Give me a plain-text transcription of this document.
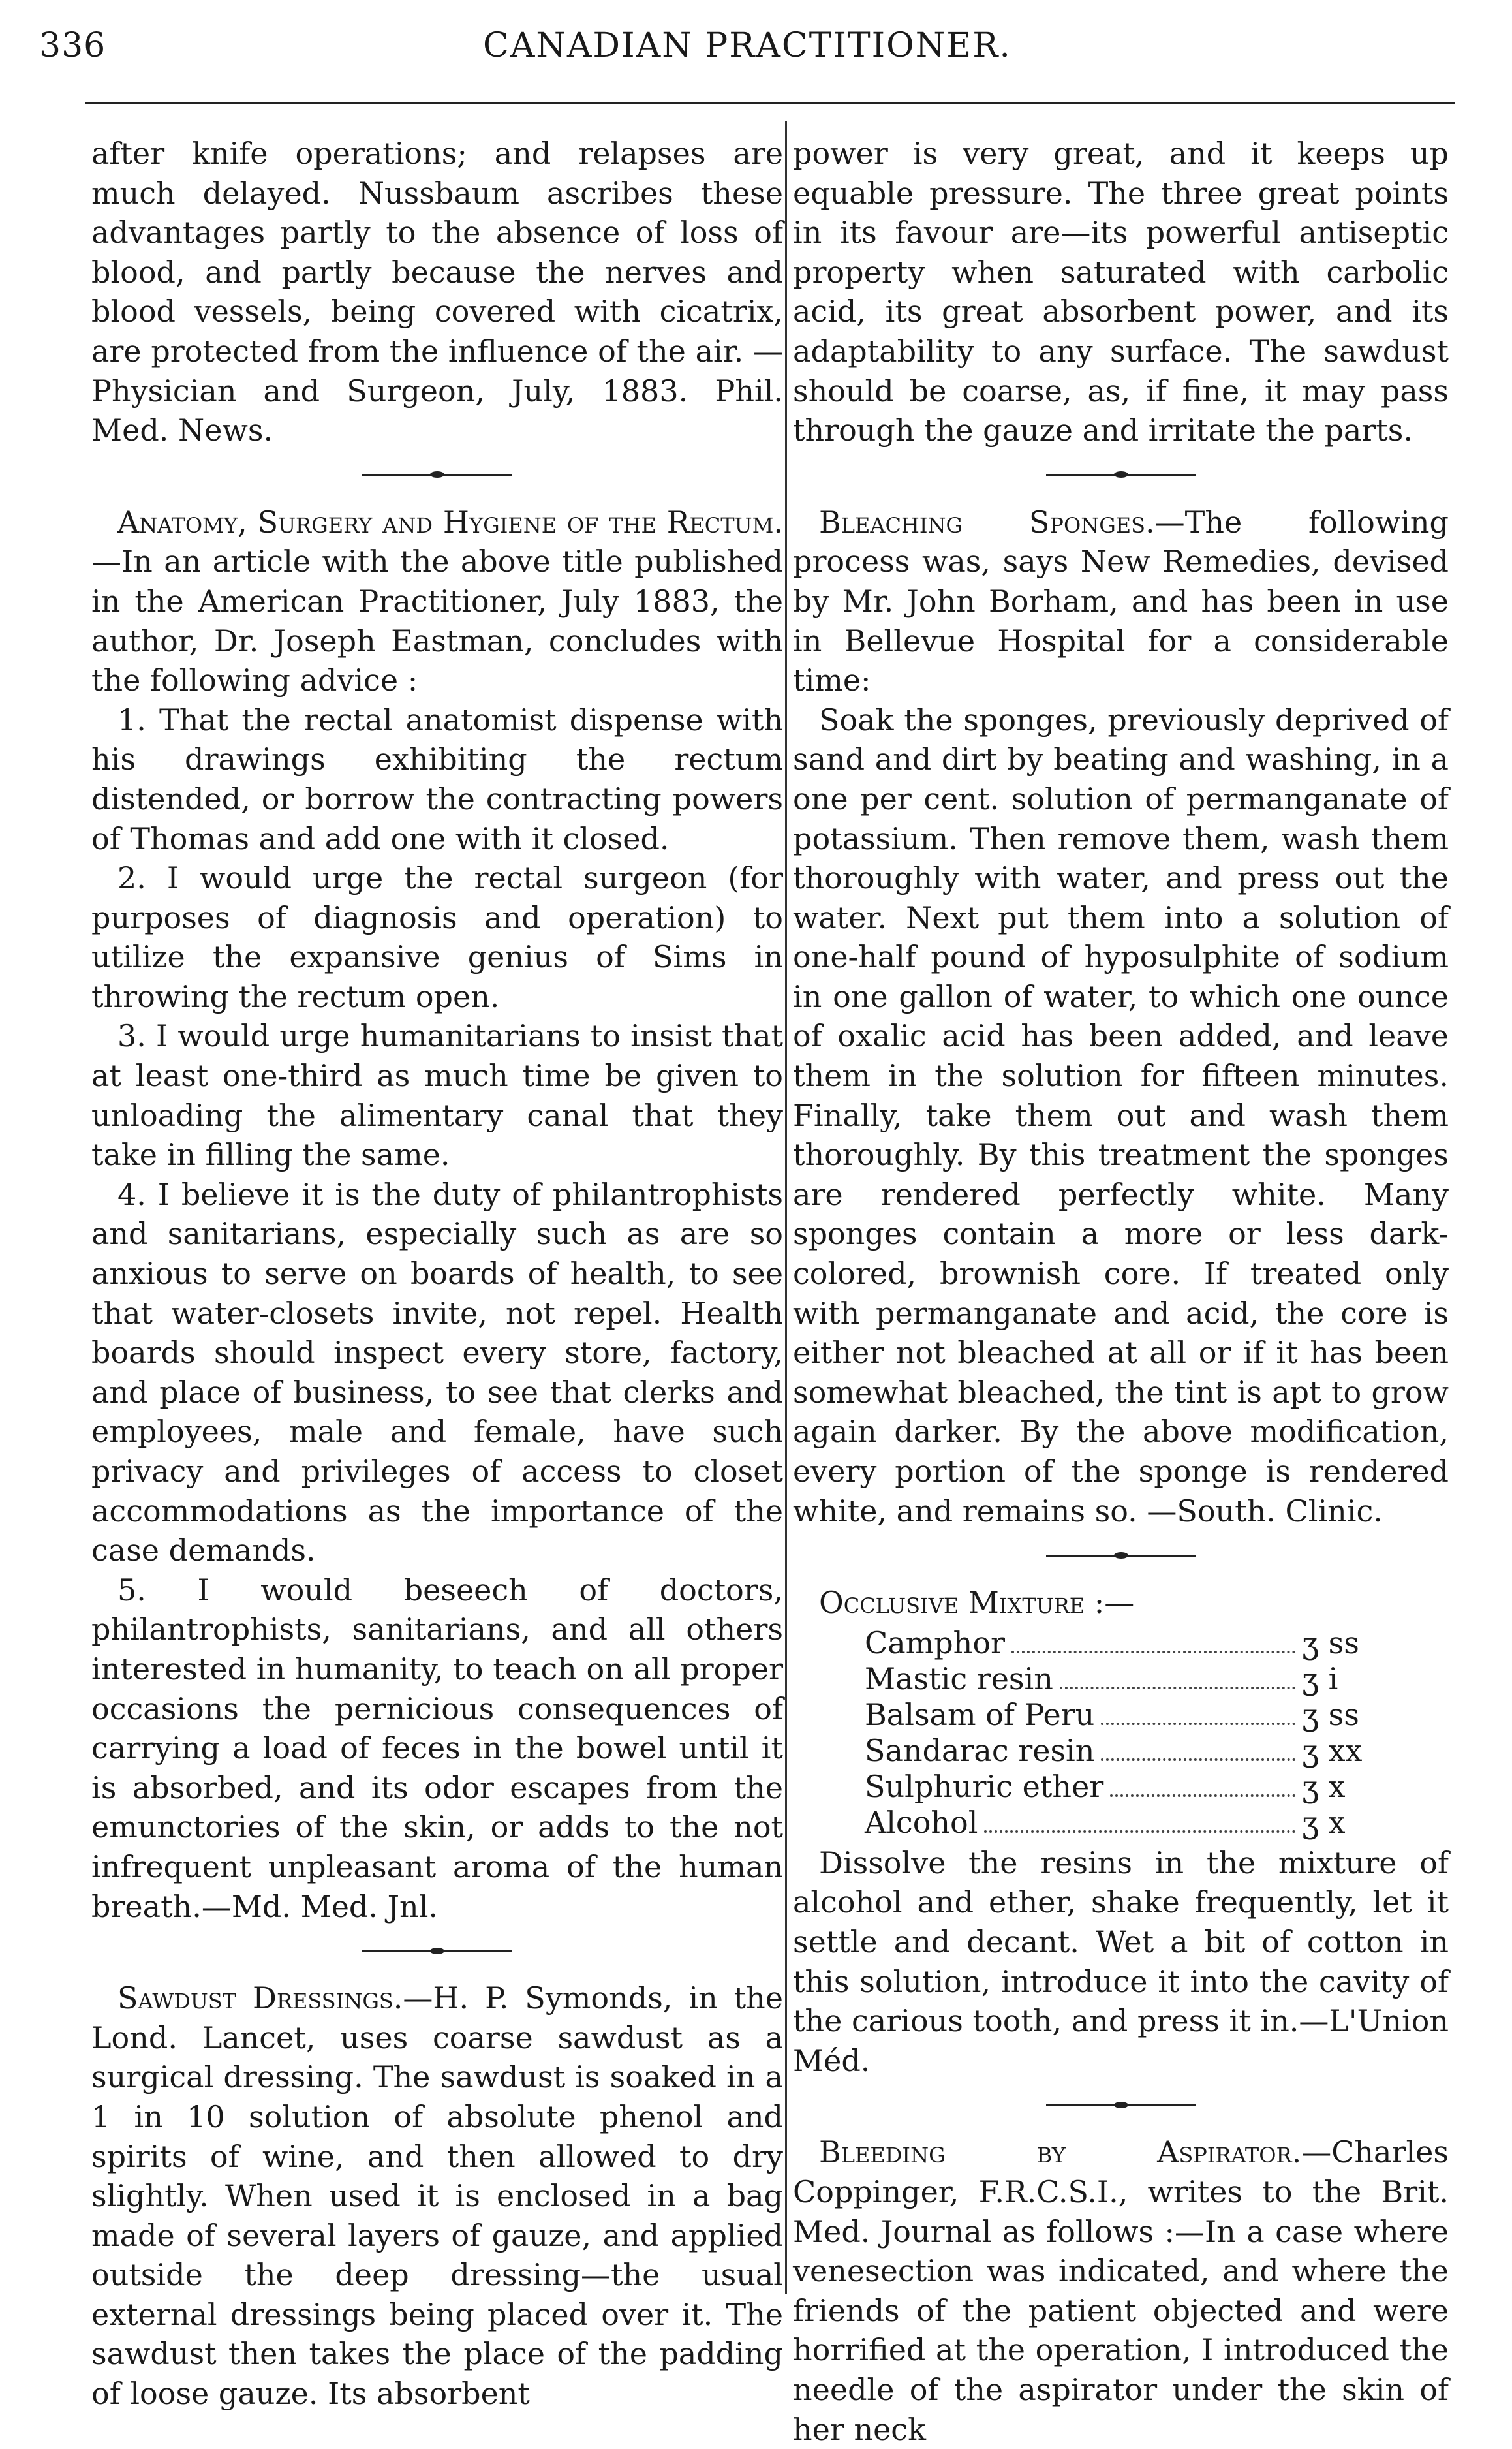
336	CANADIAN PRACTITIONER.

after knife operations; and relapses are much delayed. Nussbaum ascribes these advantages partly to the absence of loss of blood, and partly because the nerves and blood vessels, being covered with cicatrix, are protected from the influence of the air. —Physician and Surgeon, July, 1883. Phil. Med. News.

Anatomy, Surgery and Hygiene of the Rectum.—In an article with the above title published in the American Practitioner, July 1883, the author, Dr. Joseph Eastman, concludes with the following advice :

1. That the rectal anatomist dispense with his drawings exhibiting the rectum distended, or borrow the contracting powers of Thomas and add one with it closed.

2. I would urge the rectal surgeon (for purposes of diagnosis and operation) to utilize the expansive genius of Sims in throwing the rectum open.

3. I would urge humanitarians to insist that at least one-third as much time be given to unloading the alimentary canal that they take in filling the same.

4. I believe it is the duty of philantrophists and sanitarians, especially such as are so anxious to serve on boards of health, to see that water-closets invite, not repel. Health boards should inspect every store, factory, and place of business, to see that clerks and employees, male and female, have such privacy and privileges of access to closet accommodations as the importance of the case demands.

5. I would beseech of doctors, philantrophists, sanitarians, and all others interested in humanity, to teach on all proper occasions the pernicious consequences of carrying a load of feces in the bowel until it is absorbed, and its odor escapes from the emunctories of the skin, or adds to the not infrequent unpleasant aroma of the human breath.—Md. Med. Jnl.

Sawdust Dressings.—H. P. Symonds, in the Lond. Lancet, uses coarse sawdust as a surgical dressing. The sawdust is soaked in a 1 in 10 solution of absolute phenol and spirits of wine, and then allowed to dry slightly. When used it is enclosed in a bag made of several layers of gauze, and applied outside the deep dressing—the usual external dressings being placed over it. The sawdust then takes the place of the padding of loose gauze. Its absorbent

power is very great, and it keeps up equable pressure. The three great points in its favour are—its powerful antiseptic property when saturated with carbolic acid, its great absorbent power, and its adaptability to any surface. The sawdust should be coarse, as, if fine, it may pass through the gauze and irritate the parts.

Bleaching Sponges.—The following process was, says New Remedies, devised by Mr. John Borham, and has been in use in Bellevue Hospital for a considerable time:

Soak the sponges, previously deprived of sand and dirt by beating and washing, in a one per cent. solution of permanganate of potassium. Then remove them, wash them thoroughly with water, and press out the water. Next put them into a solution of one-half pound of hyposulphite of sodium in one gallon of water, to which one ounce of oxalic acid has been added, and leave them in the solution for fifteen minutes. Finally, take them out and wash them thoroughly. By this treatment the sponges are rendered perfectly white. Many sponges contain a more or less dark-colored, brownish core. If treated only with permanganate and acid, the core is either not bleached at all or if it has been somewhat bleached, the tint is apt to grow again darker. By the above modification, every portion of the sponge is rendered white, and remains so. —South. Clinic.

Occlusive Mixture :—

Camphor	ʒ ss
Mastic resin	ʒ i
Balsam of Peru	ʒ ss
Sandarac resin	ʒ xx
Sulphuric ether	ʒ x
Alcohol	ʒ x

Dissolve the resins in the mixture of alcohol and ether, shake frequently, let it settle and decant. Wet a bit of cotton in this solution, introduce it into the cavity of the carious tooth, and press it in.—L'Union Méd.

Bleeding by Aspirator.—Charles Coppinger, F.R.C.S.I., writes to the Brit. Med. Journal as follows :—In a case where venesection was indicated, and where the friends of the patient objected and were horrified at the operation, I introduced the needle of the aspirator under the skin of her neck
